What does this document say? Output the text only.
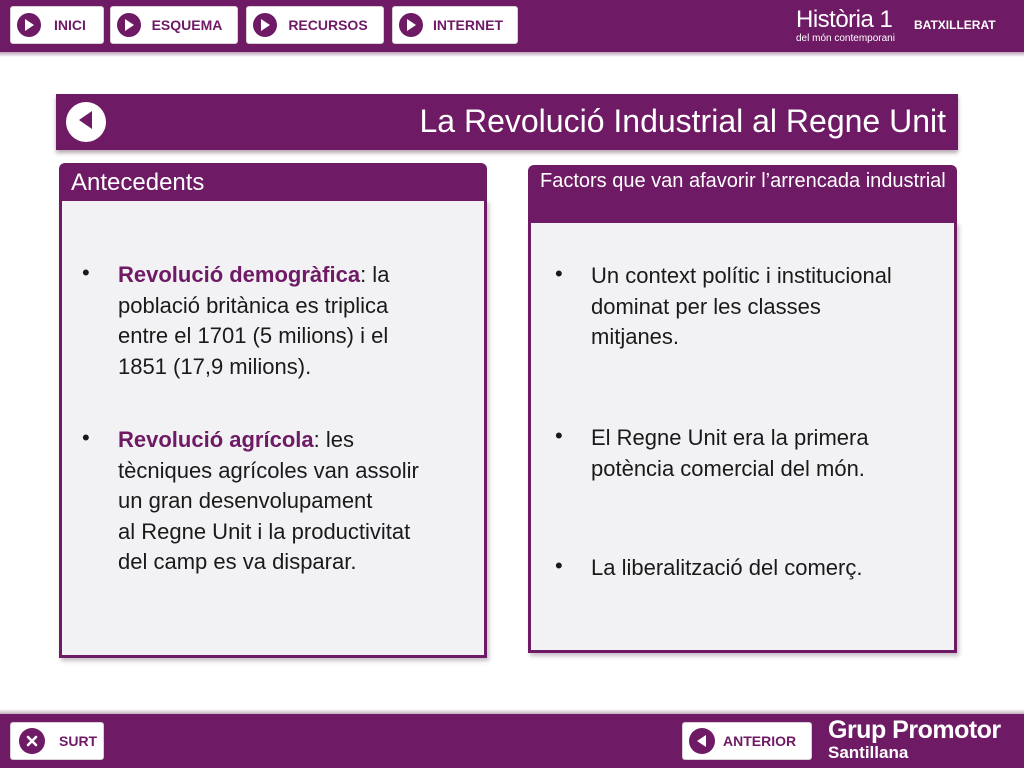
INICI	ESQUEMA	RECURSOS	INTERNET	Història 1 BATXILLERAT
del món contemporani
La Revolució Industrial al Regne Unit
• Revolució demogràfica: la
població britànica es triplica
entre el 1701 (5 milions) i el
1851 (17,9 milions).
• Revolució agrícola: les
tècniques agrícoles van assolir
un gran desenvolupament
al Regne Unit i la productivitat
del camp es va disparar.
Antecedents
• Un context polític i institucional
dominat per les classes
mitjanes.
• El Regne Unit era la primera
potència comercial del món.
• La liberalització del comerç.
Factors que van afavorir l’arrencada industrial
SURT	ANTERIOR Grup Promotor
Santillana
